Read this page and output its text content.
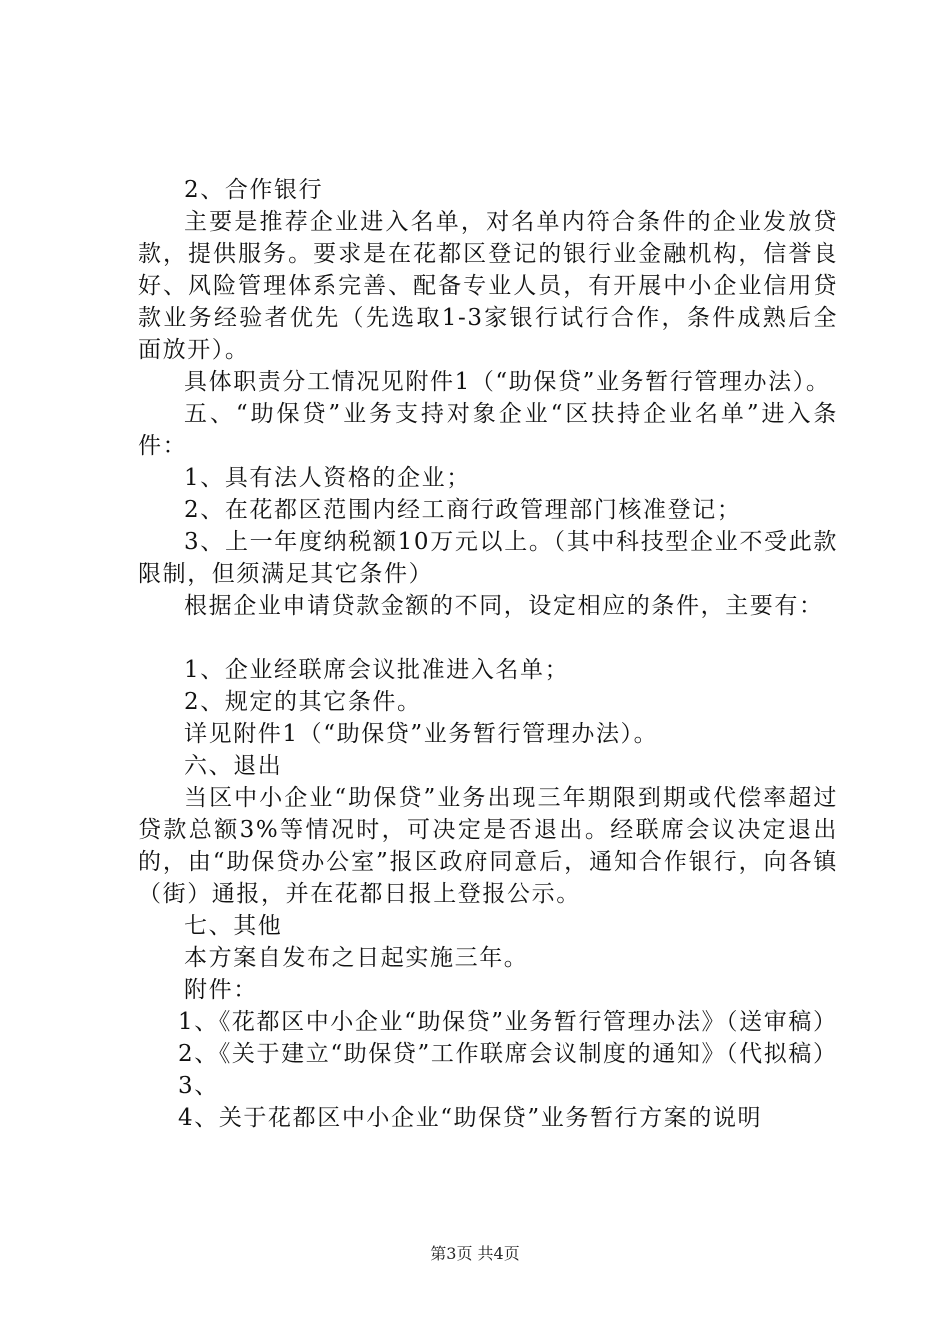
2、合作银行

主要是推荐企业进入名单，对名单内符合条件的企业发放贷款，提供服务。要求是在花都区登记的银行业金融机构，信誉良好、风险管理体系完善、配备专业人员，有开展中小企业信用贷款业务经验者优先（先选取1-3家银行试行合作，条件成熟后全面放开）。

具体职责分工情况见附件1（“助保贷”业务暂行管理办法）。

五、“助保贷”业务支持对象企业“区扶持企业名单”进入条件：

1、具有法人资格的企业；

2、在花都区范围内经工商行政管理部门核准登记；

3、上一年度纳税额10万元以上。（其中科技型企业不受此款限制，但须满足其它条件）

根据企业申请贷款金额的不同，设定相应的条件，主要有：

1、企业经联席会议批准进入名单；

2、规定的其它条件。

详见附件1（“助保贷”业务暂行管理办法）。

六、退出

当区中小企业“助保贷”业务出现三年期限到期或代偿率超过贷款总额3%等情况时，可决定是否退出。经联席会议决定退出的，由“助保贷办公室”报区政府同意后，通知合作银行，向各镇（街）通报，并在花都日报上登报公示。

七、其他

本方案自发布之日起实施三年。

附件：

1、《花都区中小企业“助保贷”业务暂行管理办法》（送审稿）

2、《关于建立“助保贷”工作联席会议制度的通知》（代拟稿）

3、

4、关于花都区中小企业“助保贷”业务暂行方案的说明

第3页 共4页
